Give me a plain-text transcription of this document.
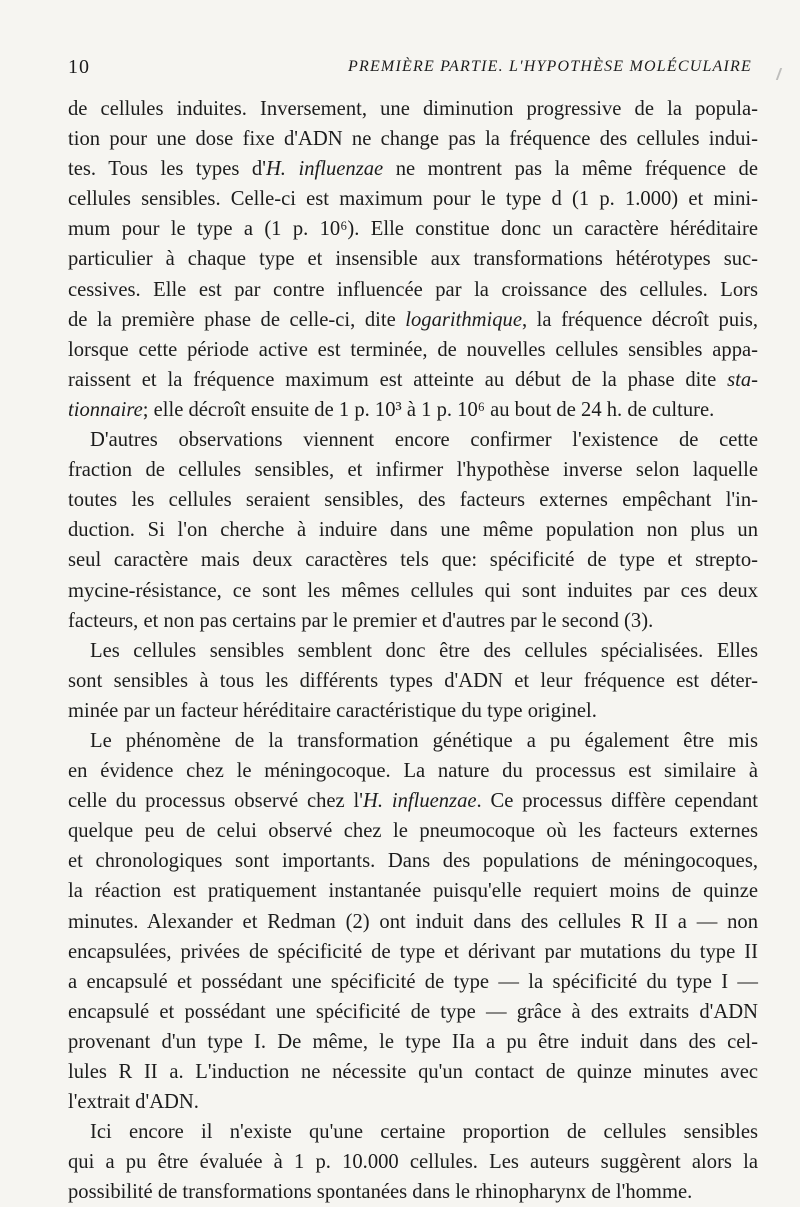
10	PREMIÈRE PARTIE. L'HYPOTHÈSE MOLÉCULAIRE
de cellules induites. Inversement, une diminution progressive de la popula-
tion pour une dose fixe d'ADN ne change pas la fréquence des cellules indui-
tes. Tous les types d'H. influenzae ne montrent pas la même fréquence de
cellules sensibles. Celle-ci est maximum pour le type d (1 p. 1.000) et mini-
mum pour le type a (1 p. 10⁶). Elle constitue donc un caractère héréditaire
particulier à chaque type et insensible aux transformations hétérotypes suc-
cessives. Elle est par contre influencée par la croissance des cellules. Lors
de la première phase de celle-ci, dite logarithmique, la fréquence décroît puis,
lorsque cette période active est terminée, de nouvelles cellules sensibles appa-
raissent et la fréquence maximum est atteinte au début de la phase dite sta-
tionnaire; elle décroît ensuite de 1 p. 10³ à 1 p. 10⁶ au bout de 24 h. de culture.
D'autres observations viennent encore confirmer l'existence de cette
fraction de cellules sensibles, et infirmer l'hypothèse inverse selon laquelle
toutes les cellules seraient sensibles, des facteurs externes empêchant l'in-
duction. Si l'on cherche à induire dans une même population non plus un
seul caractère mais deux caractères tels que: spécificité de type et strepto-
mycine-résistance, ce sont les mêmes cellules qui sont induites par ces deux
facteurs, et non pas certains par le premier et d'autres par le second (3).
Les cellules sensibles semblent donc être des cellules spécialisées. Elles
sont sensibles à tous les différents types d'ADN et leur fréquence est déter-
minée par un facteur héréditaire caractéristique du type originel.
Le phénomène de la transformation génétique a pu également être mis
en évidence chez le méningocoque. La nature du processus est similaire à
celle du processus observé chez l'H. influenzae. Ce processus diffère cependant
quelque peu de celui observé chez le pneumocoque où les facteurs externes
et chronologiques sont importants. Dans des populations de méningocoques,
la réaction est pratiquement instantanée puisqu'elle requiert moins de quinze
minutes. Alexander et Redman (2) ont induit dans des cellules R II a — non
encapsulées, privées de spécificité de type et dérivant par mutations du type II
a encapsulé et possédant une spécificité de type — la spécificité du type I —
encapsulé et possédant une spécificité de type — grâce à des extraits d'ADN
provenant d'un type I. De même, le type IIa a pu être induit dans des cel-
lules R II a. L'induction ne nécessite qu'un contact de quinze minutes avec
l'extrait d'ADN.
Ici encore il n'existe qu'une certaine proportion de cellules sensibles
qui a pu être évaluée à 1 p. 10.000 cellules. Les auteurs suggèrent alors la
possibilité de transformations spontanées dans le rhinopharynx de l'homme.
